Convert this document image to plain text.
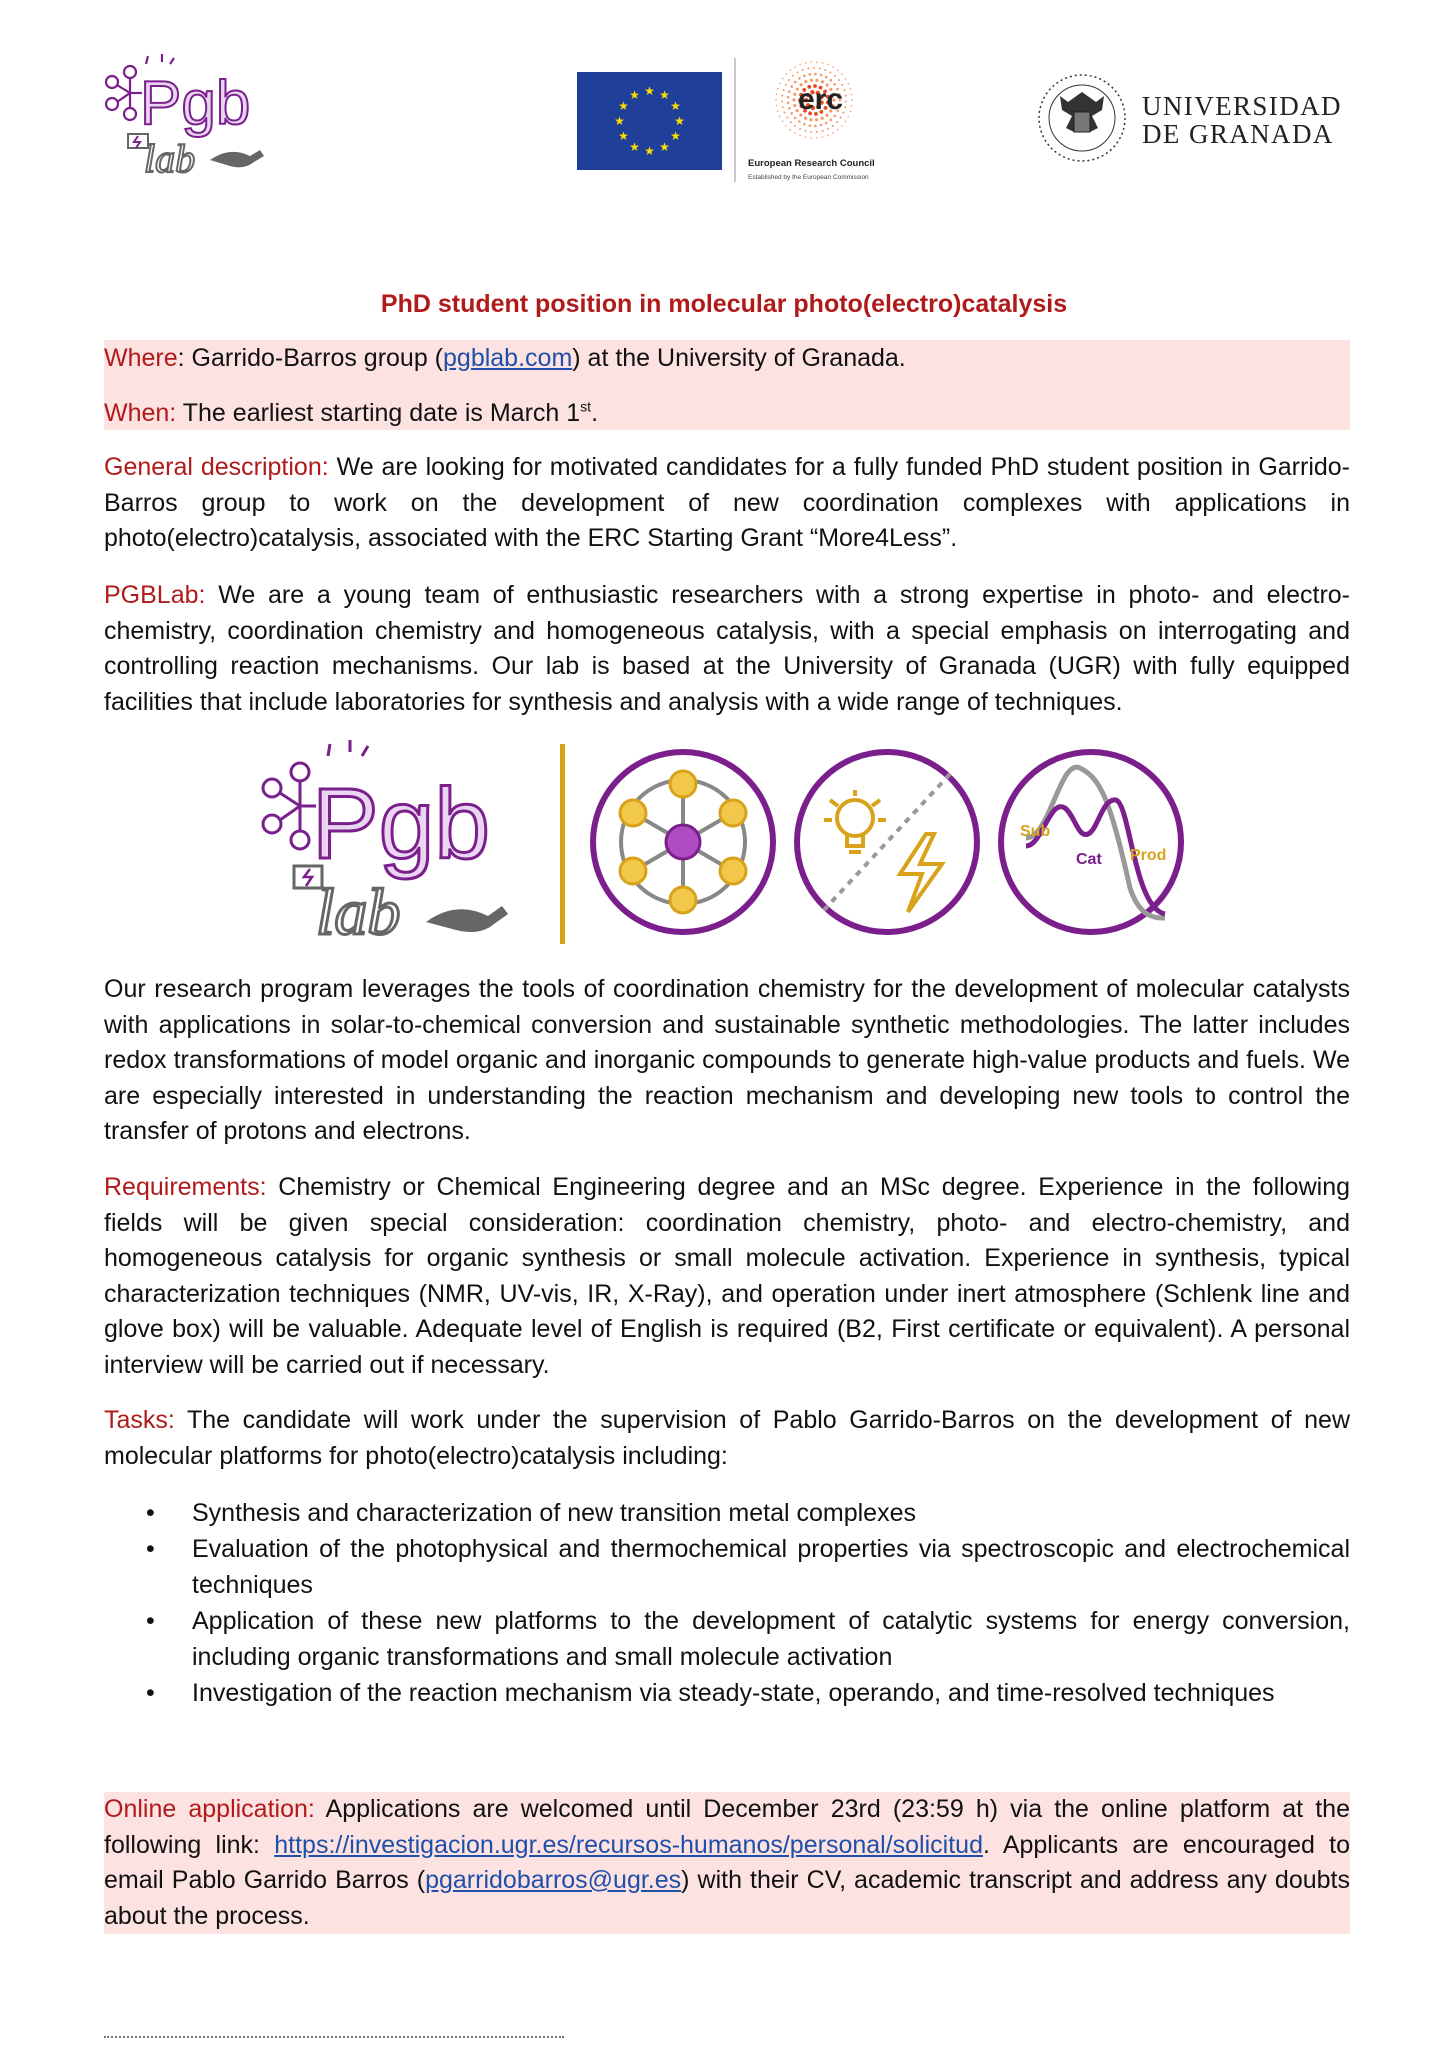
Pgb
lab
★
★
★
★
★
★
★
★
★ ★ ★
★	erc
European Research Council
Established by the European Commission
UNIVERSIDAD
DE GRANADA
PhD student position in molecular photo(electro)catalysis
Where: Garrido-Barros group (pgblab.com) at the University of Granada.
When: The earliest starting date is March 1st.
General description: We are looking for motivated candidates for a fully funded PhD student position in Garrido-Barros group to work on the development of new coordination complexes with applications in photo(electro)catalysis, associated with the ERC Starting Grant “More4Less”.
PGBLab: We are a young team of enthusiastic researchers with a strong expertise in photo- and electro-chemistry, coordination chemistry and homogeneous catalysis, with a special emphasis on interrogating and controlling reaction mechanisms. Our lab is based at the University of Granada (UGR) with fully equipped facilities that include laboratories for synthesis and analysis with a wide range of techniques.
Pgb
lab
Sub
Cat Prod
Our research program leverages the tools of coordination chemistry for the development of molecular catalysts with applications in solar-to-chemical conversion and sustainable synthetic methodologies. The latter includes redox transformations of model organic and inorganic compounds to generate high-value products and fuels. We are especially interested in understanding the reaction mechanism and developing new tools to control the transfer of protons and electrons.
Requirements: Chemistry or Chemical Engineering degree and an MSc degree. Experience in the following fields will be given special consideration: coordination chemistry, photo- and electro-chemistry, and homogeneous catalysis for organic synthesis or small molecule activation. Experience in synthesis, typical characterization techniques (NMR, UV-vis, IR, X-Ray), and operation under inert atmosphere (Schlenk line and glove box) will be valuable. Adequate level of English is required (B2, First certificate or equivalent). A personal interview will be carried out if necessary.
Tasks: The candidate will work under the supervision of Pablo Garrido-Barros on the development of new molecular platforms for photo(electro)catalysis including:
• Synthesis and characterization of new transition metal complexes
• Evaluation of the photophysical and thermochemical properties via spectroscopic and electrochemical techniques
• Application of these new platforms to the development of catalytic systems for energy conversion, including organic transformations and small molecule activation
• Investigation of the reaction mechanism via steady-state, operando, and time-resolved techniques
Online application: Applications are welcomed until December 23rd (23:59 h) via the online platform at the following link: https://investigacion.ugr.es/recursos-humanos/personal/solicitud. Applicants are encouraged to email Pablo Garrido Barros (pgarridobarros@ugr.es) with their CV, academic transcript and address any doubts about the process.
